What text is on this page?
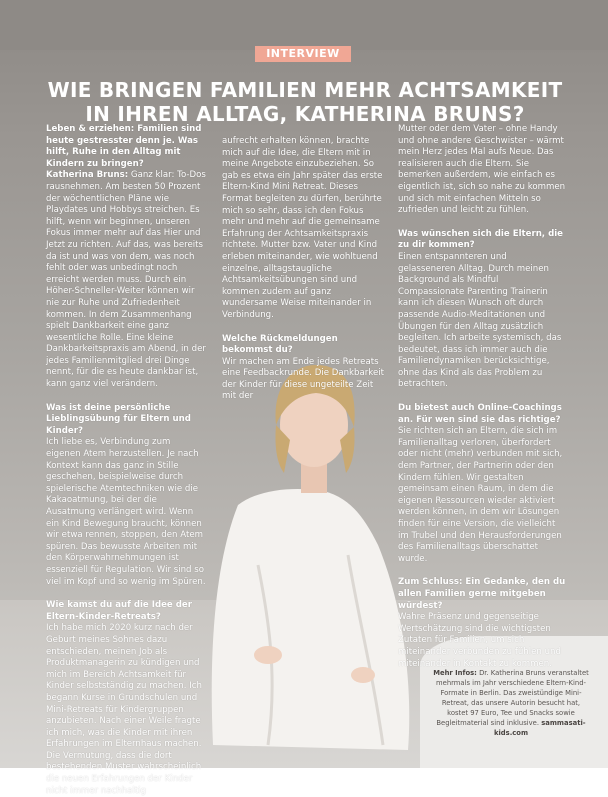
INTERVIEW
WIE BRINGEN FAMILIEN MEHR ACHTSAMKEIT
IN IHREN ALLTAG, KATHERINA BRUNS?

Leben & erziehen: Familien sind heute gestresster denn je. Was hilft, Ruhe in den Alltag mit Kindern zu bringen?

Katherina Bruns: Ganz klar: To-Dos rausnehmen. Am besten 50 Prozent der wöchentlichen Pläne wie Playdates und Hobbys streichen. Es hilft, wenn wir beginnen, unseren Fokus immer mehr auf das Hier und Jetzt zu richten. Auf das, was bereits da ist und was von dem, was noch fehlt oder was unbedingt noch erreicht werden muss. Durch ein Höher-Schneller-Weiter können wir nie zur Ruhe und Zufriedenheit kommen. In dem Zusammenhang spielt Dankbarkeit eine ganz wesentliche Rolle. Eine kleine Dankbarkeitspraxis am Abend, in der jedes Familienmitglied drei Dinge nennt, für die es heute dankbar ist, kann ganz viel verändern.

Was ist deine persönliche Lieblingsübung für Eltern und Kinder?

Ich liebe es, Verbindung zum eigenen Atem herzustellen. Je nach Kontext kann das ganz in Stille geschehen, beispielweise durch spielerische Atemtechniken wie die Kakaoatmung, bei der die Ausatmung verlängert wird. Wenn ein Kind Bewegung braucht, können wir etwa rennen, stoppen, den Atem spüren. Das bewusste Arbeiten mit den Körperwahrnehmungen ist essenziell für Regulation. Wir sind so viel im Kopf und so wenig im Spüren.

Wie kamst du auf die Idee der Eltern-Kinder-Retreats?

Ich habe mich 2020 kurz nach der Geburt meines Sohnes dazu entschieden, meinen Job als Produktmanagerin zu kündigen und mich im Bereich Achtsamkeit für Kinder selbstständig zu machen. Ich begann Kurse in Grundschulen und Mini-Retreats für Kindergruppen anzubieten. Nach einer Weile fragte ich mich, was die Kinder mit ihren Erfahrungen im Elternhaus machen. Die Vermutung, dass die dort bestehenden Muster wahrscheinlich die neuen Erfahrungen der Kinder nicht immer nachhaltig

aufrecht erhalten können, brachte mich auf die Idee, die Eltern mit in meine Angebote einzubeziehen. So gab es etwa ein Jahr später das erste Eltern-Kind Mini Retreat. Dieses Format begleiten zu dürfen, berührte mich so sehr, dass ich den Fokus mehr und mehr auf die gemeinsame Erfahrung der Achtsamkeitspraxis richtete. Mutter bzw. Vater und Kind erleben miteinander, wie wohltuend einzelne, alltagstaugliche Achtsamkeitsübungen sind und kommen zudem auf ganz wundersame Weise miteinander in Verbindung.

Welche Rückmeldungen bekommst du?

Wir machen am Ende jedes Retreats eine Feedbackrunde. Die Dankbarkeit der Kinder für diese ungeteilte Zeit mit der

Mutter oder dem Vater – ohne Handy und ohne andere Geschwister – wärmt mein Herz jedes Mal aufs Neue. Das realisieren auch die Eltern. Sie bemerken außerdem, wie einfach es eigentlich ist, sich so nahe zu kommen und sich mit einfachen Mitteln so zufrieden und leicht zu fühlen.

Was wünschen sich die Eltern, die zu dir kommen?

Einen entspannteren und gelasseneren Alltag. Durch meinen Background als Mindful Compassionate Parenting Trainerin kann ich diesen Wunsch oft durch passende Audio-Meditationen und Übungen für den Alltag zusätzlich begleiten. Ich arbeite systemisch, das bedeutet, dass ich immer auch die Familiendynamiken berücksichtige, ohne das Kind als das Problem zu betrachten.

Du bietest auch Online-Coachings an. Für wen sind sie das richtige?

Sie richten sich an Eltern, die sich im Familienalltag verloren, überfordert oder nicht (mehr) verbunden mit sich, dem Partner, der Partnerin oder den Kindern fühlen. Wir gestalten gemeinsam einen Raum, in dem die eigenen Ressourcen wieder aktiviert werden können, in dem wir Lösungen finden für eine Version, die vielleicht im Trubel und den Herausforderungen des Familienalltags überschattet wurde.

Zum Schluss: Ein Gedanke, den du allen Familien gerne mitgeben würdest?

Wahre Präsenz und gegenseitige Wertschätzung sind die wichtigsten Zutaten für Familien, um sich miteinander verbunden zu fühlen und miteinander in Kontakt zu kommen.

Mehr Infos: Dr. Katherina Bruns veranstaltet mehrmals im Jahr verschiedene Eltern-Kind-Formate in Berlin. Das zweistündige Mini-Retreat, das unsere Autorin besucht hat, kostet 97 Euro, Tee und Snacks sowie Begleitmaterial sind inklusive. sammasati-kids.com
